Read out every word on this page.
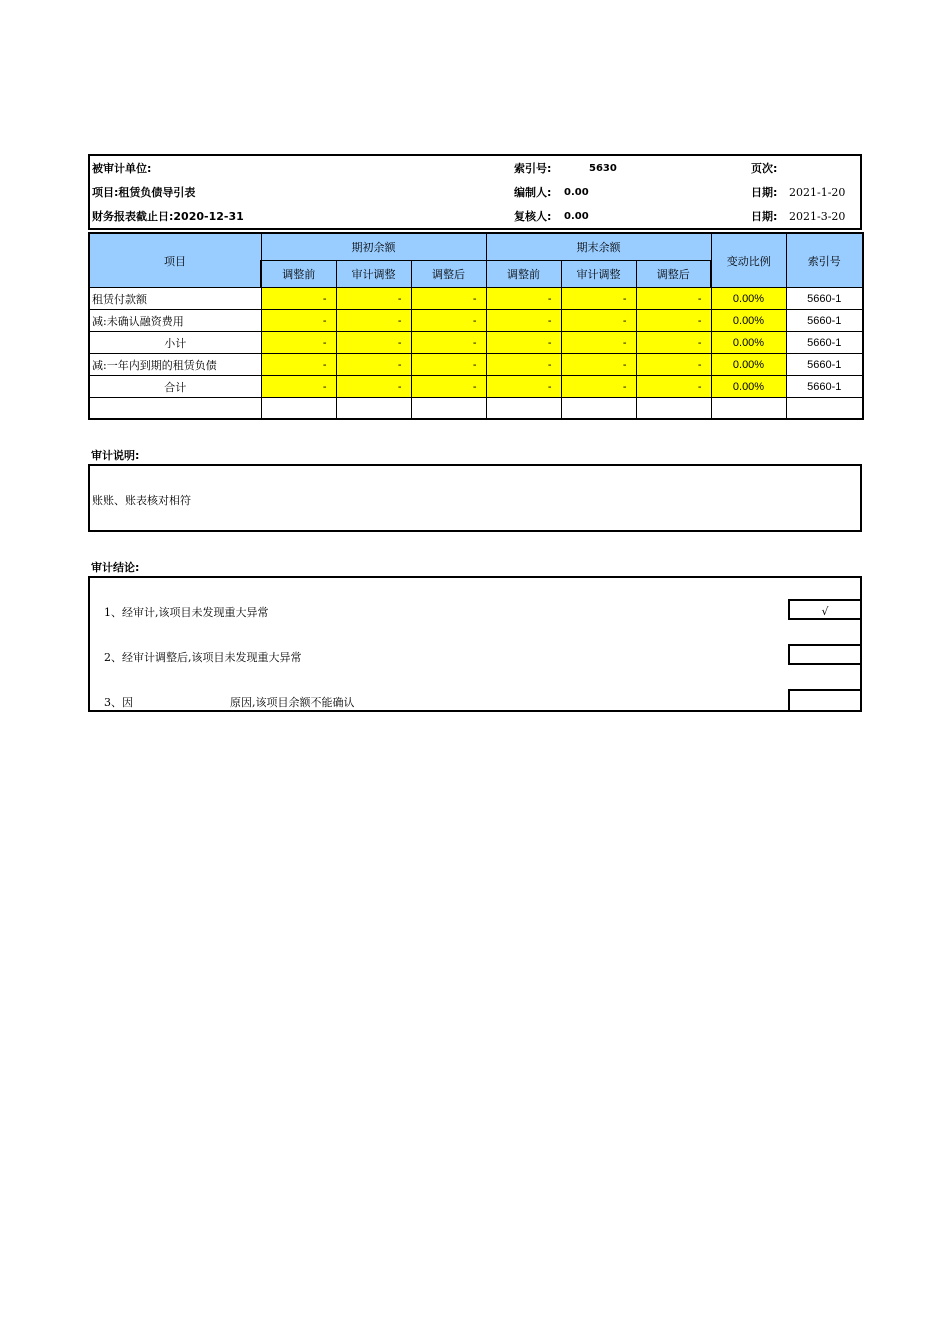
被审计单位:	索引号:	5630	页次:
项目:租赁负债导引表	编制人: 0.00	日期: 2021-1-20
财务报表截止日:2020-12-31	复核人: 0.00	日期: 2021-3-20
项目	期初余额			期末余额			变动比例	索引号
	调整前	审计调整	调整后	调整前	审计调整	调整后		
租赁付款额	-	-	-	-	-	-	0.00%	5660-1
减:未确认融资费用	-	-	-	-	-	-	0.00%	5660-1
小计	-	-	-	-	-	-	0.00%	5660-1
减:一年内到期的租赁负债	-	-	-	-	-	-	0.00%	5660-1
合计	-	-	-	-	-	-	0.00%	5660-1

审计说明:
账账、账表核对相符
审计结论:
1、经审计,该项目未发现重大异常	√
2、经审计调整后,该项目未发现重大异常
3、因	原因,该项目余额不能确认
